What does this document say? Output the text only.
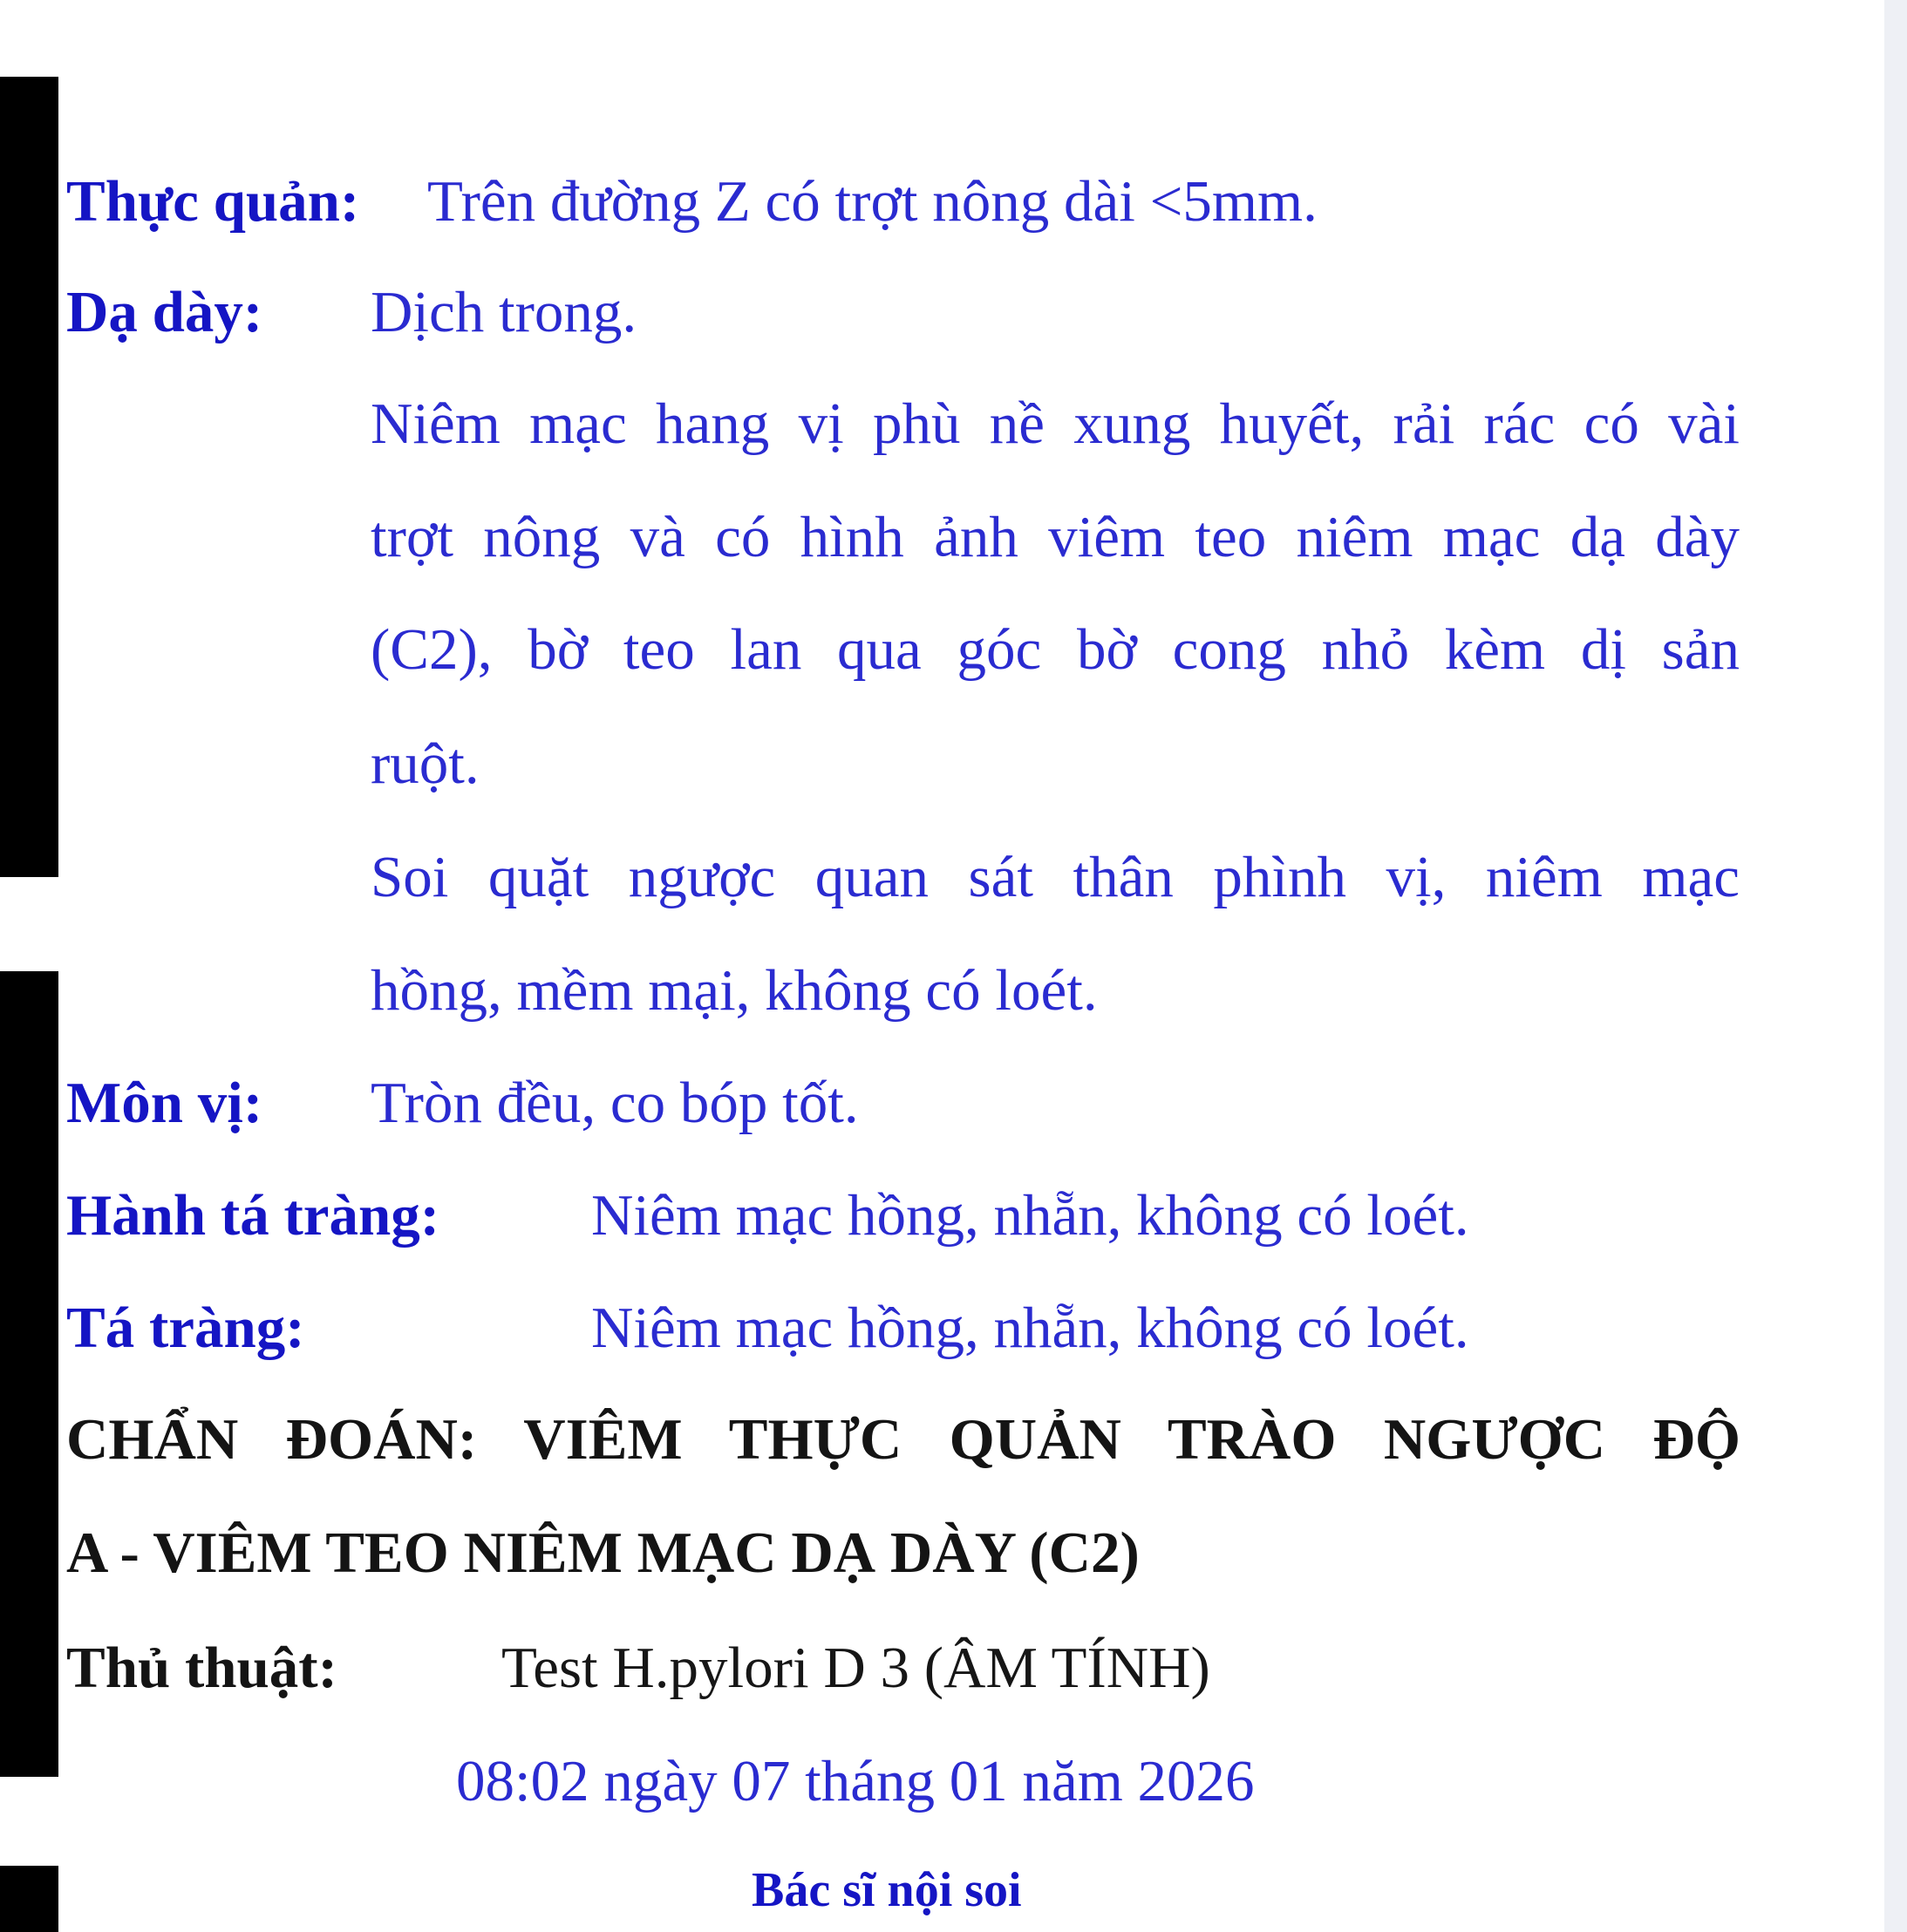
Thực quản: Trên đường Z có trợt nông dài <5mm.
Dạ dày: Dịch trong.
Niêm mạc hang vị phù nề xung huyết, rải rác có vài
trợt nông và có hình ảnh viêm teo niêm mạc dạ dày
(C2), bờ teo lan qua góc bờ cong nhỏ kèm dị sản
ruột.
Soi quặt ngược quan sát thân phình vị, niêm mạc
hồng, mềm mại, không có loét.
Môn vị: Tròn đều, co bóp tốt.
Hành tá tràng:	Niêm mạc hồng, nhẵn, không có loét.
Tá tràng:	Niêm mạc hồng, nhẵn, không có loét.
CHẨN ĐOÁN: VIÊM THỰC QUẢN TRÀO NGƯỢC ĐỘ
A - VIÊM TEO NIÊM MẠC DẠ DÀY (C2)
Thủ thuật:	Test H.pylori D 3 (ÂM TÍNH)
08:02 ngày 07 tháng 01 năm 2026
Bác sĩ nội soi
